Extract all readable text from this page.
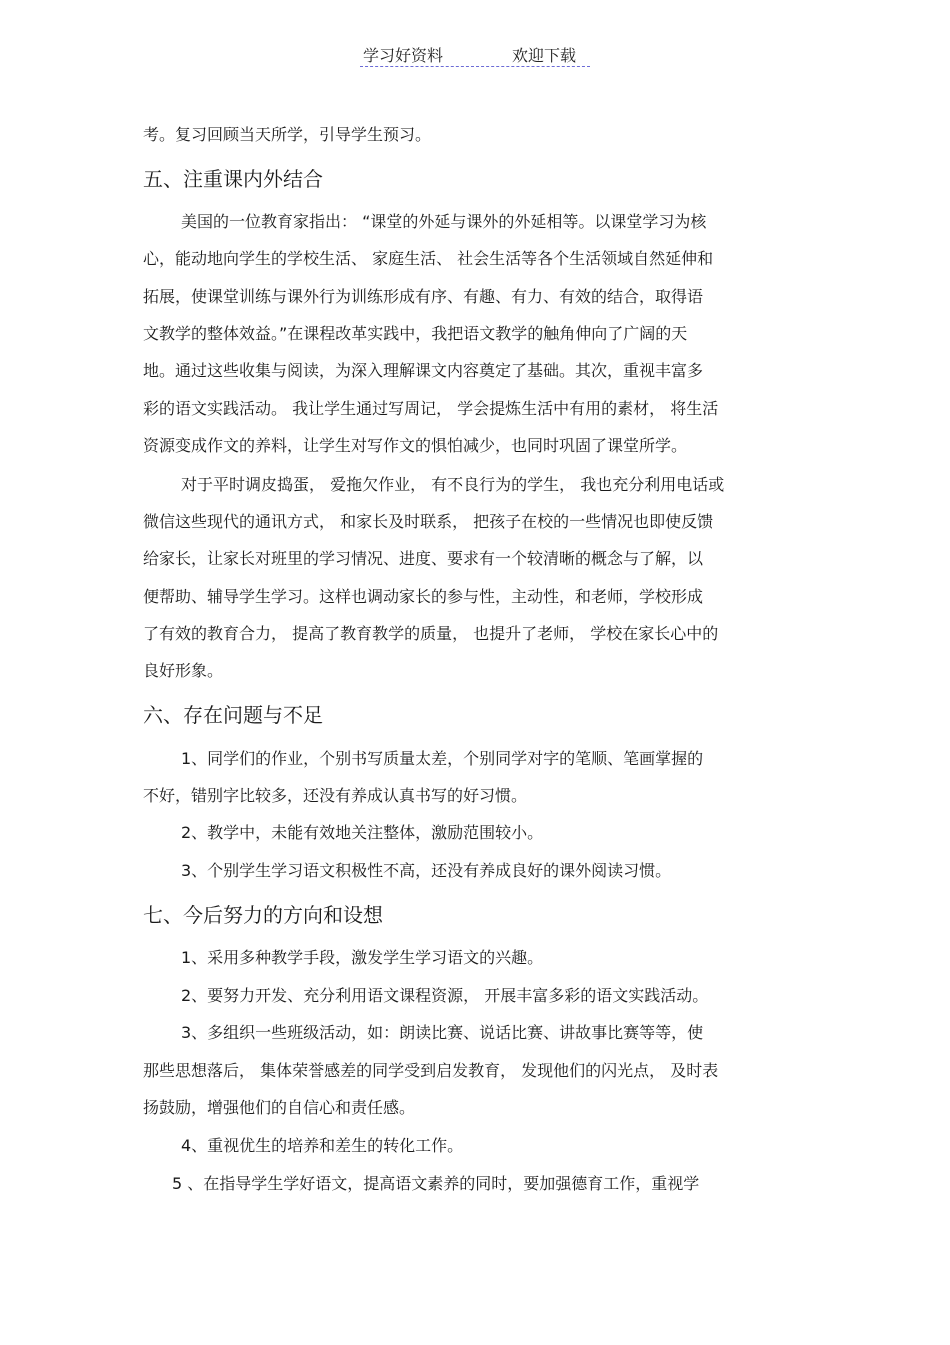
学习好资料	欢迎下载
考。复习回顾当天所学，引导学生预习。
五、注重课内外结合
美国的一位教育家指出： “课堂的外延与课外的外延相等。以课堂学习为核
心，能动地向学生的学校生活、 家庭生活、 社会生活等各个生活领域自然延伸和
拓展，使课堂训练与课外行为训练形成有序、有趣、有力、有效的结合，取得语
文教学的整体效益。”在课程改革实践中，我把语文教学的触角伸向了广阔的天
地。通过这些收集与阅读，为深入理解课文内容奠定了基础。其次，重视丰富多
彩的语文实践活动。 我让学生通过写周记， 学会提炼生活中有用的素材， 将生活
资源变成作文的养料，让学生对写作文的惧怕减少，也同时巩固了课堂所学。
对于平时调皮捣蛋， 爱拖欠作业， 有不良行为的学生， 我也充分利用电话或
微信这些现代的通讯方式， 和家长及时联系， 把孩子在校的一些情况也即使反馈
给家长，让家长对班里的学习情况、进度、要求有一个较清晰的概念与了解，以
便帮助、辅导学生学习。这样也调动家长的参与性，主动性，和老师，学校形成
了有效的教育合力， 提高了教育教学的质量， 也提升了老师， 学校在家长心中的
良好形象。
六、存在问题与不足
1、同学们的作业，个别书写质量太差，个别同学对字的笔顺、笔画掌握的
不好，错别字比较多，还没有养成认真书写的好习惯。
2、教学中，未能有效地关注整体，激励范围较小。
3、个别学生学习语文积极性不高，还没有养成良好的课外阅读习惯。
七、今后努力的方向和设想
1、采用多种教学手段，激发学生学习语文的兴趣。
2、要努力开发、充分利用语文课程资源， 开展丰富多彩的语文实践活动。
3、多组织一些班级活动，如：朗读比赛、说话比赛、讲故事比赛等等，使
那些思想落后， 集体荣誉感差的同学受到启发教育， 发现他们的闪光点， 及时表
扬鼓励，增强他们的自信心和责任感。
4、重视优生的培养和差生的转化工作。
5 、在指导学生学好语文，提高语文素养的同时，要加强德育工作，重视学
